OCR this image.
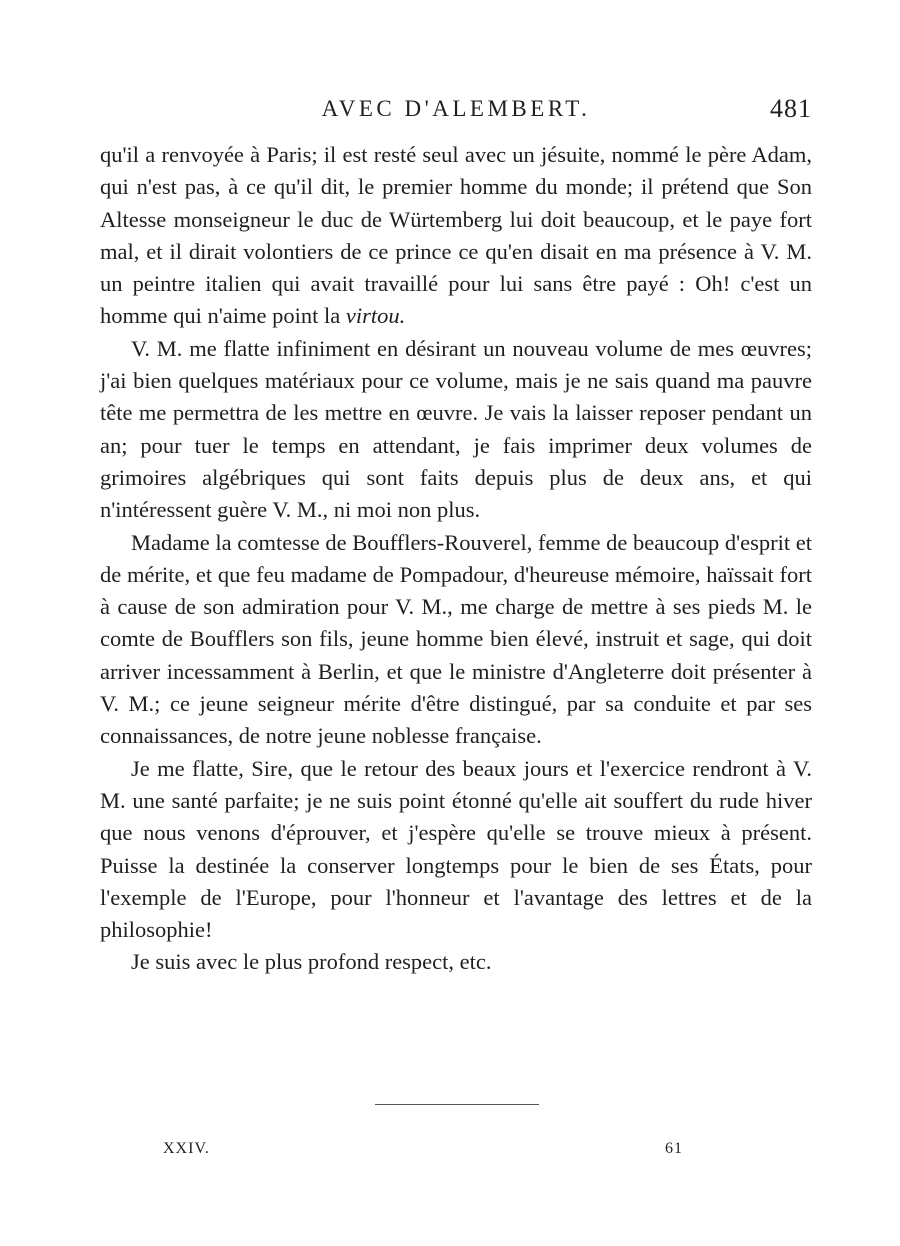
AVEC D'ALEMBERT.	481

qu'il a renvoyée à Paris; il est resté seul avec un jésuite, nommé le père Adam, qui n'est pas, à ce qu'il dit, le premier homme du monde; il prétend que Son Altesse monseigneur le duc de Würtemberg lui doit beaucoup, et le paye fort mal, et il dirait volontiers de ce prince ce qu'en disait en ma présence à V. M. un peintre italien qui avait travaillé pour lui sans être payé : Oh! c'est un homme qui n'aime point la virtou.

V. M. me flatte infiniment en désirant un nouveau volume de mes œuvres; j'ai bien quelques matériaux pour ce volume, mais je ne sais quand ma pauvre tête me permettra de les mettre en œuvre. Je vais la laisser reposer pendant un an; pour tuer le temps en attendant, je fais imprimer deux volumes de grimoires algébriques qui sont faits depuis plus de deux ans, et qui n'intéressent guère V. M., ni moi non plus.

Madame la comtesse de Boufflers-Rouverel, femme de beaucoup d'esprit et de mérite, et que feu madame de Pompadour, d'heureuse mémoire, haïssait fort à cause de son admiration pour V. M., me charge de mettre à ses pieds M. le comte de Boufflers son fils, jeune homme bien élevé, instruit et sage, qui doit arriver incessamment à Berlin, et que le ministre d'Angleterre doit présenter à V. M.; ce jeune seigneur mérite d'être distingué, par sa conduite et par ses connaissances, de notre jeune noblesse française.

Je me flatte, Sire, que le retour des beaux jours et l'exercice rendront à V. M. une santé parfaite; je ne suis point étonné qu'elle ait souffert du rude hiver que nous venons d'éprouver, et j'espère qu'elle se trouve mieux à présent. Puisse la destinée la conserver longtemps pour le bien de ses États, pour l'exemple de l'Europe, pour l'honneur et l'avantage des lettres et de la philosophie!

Je suis avec le plus profond respect, etc.

XXIV.	61
